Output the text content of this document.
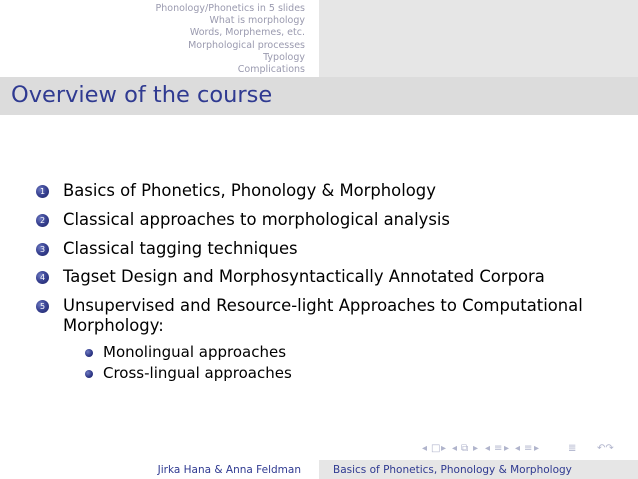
Phonology/Phonetics in 5 slides
What is morphology
Words, Morphemes, etc.
Morphological processes
Typology
Complications
Overview of the course
1 Basics of Phonetics, Phonology & Morphology
2 Classical approaches to morphological analysis
3 Classical tagging techniques
4 Tagset Design and Morphosyntactically Annotated Corpora
5 Unsupervised and Resource-light Approaches to Computational
Morphology:
Monolingual approaches
Cross-lingual approaches
◂ □ ▸ ◂ ⧉ ▸ ◂ ≡ ▸ ◂ ≡ ▸	≣ ↶↷
Jirka Hana & Anna Feldman	Basics of Phonetics, Phonology & Morphology
